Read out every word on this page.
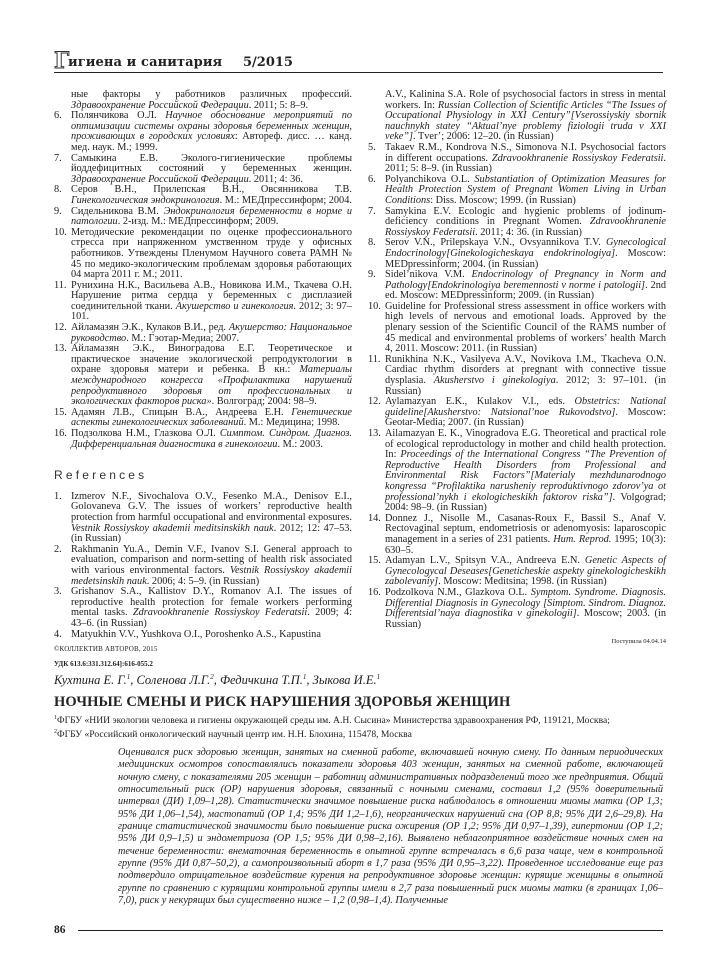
Г
игиена и санитария 5/2015

ные факторы у работников различных профессий. Здравоохранение Российской Федерации. 2011; 5: 8–9.

6. Полянчикова О.Л. Научное обоснование мероприятий по оптимизации системы охраны здоровья беременных женщин, проживающих в городских условиях: Автореф. дисс. … канд. мед. наук. М.; 1999.

7. Самыкина Е.В. Эколого-гигиенические проблемы йоддефицитных состояний у беременных женщин. Здравоохранение Российской Федерации. 2011; 4: 36.

8. Серов В.Н., Прилепская В.Н., Овсянникова Т.В. Гинекологическая эндокринология. М.: МЕДпрессинформ; 2004.

9. Сидельникова В.М. Эндокринология беременности в норме и патологии. 2-изд. М.: МЕДпрессинформ; 2009.

10. Методические рекомендации по оценке профессионального стресса при напряженном умственном труде у офисных работников. Утвеждены Пленумом Научного совета РАМН № 45 по медико-экологическим проблемам здоровья работающих 04 марта 2011 г. М.; 2011.

11. Рунихина Н.К., Васильева А.В., Новикова И.М., Ткачева О.Н. Нарушение ритма сердца у беременных с дисплазией соединительной ткани. Акушерство и гинекология. 2012; 3: 97–101.

12. Айламазян Э.К., Кулаков В.И., ред. Акушерство: Национальное руководство. М.: Гэотар-Медиа; 2007.

13. Айламазян Э.К., Виноградова Е.Г. Теоретическое и практическое значение экологической репродуктологии в охране здоровья матери и ребенка. В кн.: Материалы международного конгресса «Профилактика нарушений репродуктивного здоровья от профессиональных и экологических факторов риска». Волгоград; 2004: 98–9.

15. Адамян Л.В., Спицын В.А., Андреева Е.Н. Генетические аспекты гинекологических заболеваний. М.: Медицина; 1998.

16. Подзолкова Н.М., Глазкова О.Л. Симптом. Синдром. Диагноз. Дифференциальная диагностика в гинекологии. М.: 2003.

References

1. Izmerov N.F., Sivochalova O.V., Fesenko M.A., Denisov E.I., Golovaneva G.V. The issues of workers’ reproductive health protection from harmful occupational and environmental exposures. Vestnik Rossiyskoy akademii meditsinskikh nauk. 2012; 12: 47–53. (in Russian)

2. Rakhmanin Yu.A., Demin V.F., Ivanov S.I. General approach to evaluation, comparison and norm-setting of health risk associated with various environmental factors. Vestnik Rossiyskoy akademii medetsinskih nauk. 2006; 4: 5–9. (in Russian)

3. Grishanov S.A., Kallistov D.Y., Romanov A.I. The issues of reproductive health protection for female workers performing mental tasks. Zdravookhranenie Rossiyskoy Federatsii. 2009; 4: 43–6. (in Russian)

4. Matyukhin V.V., Yushkova O.I., Poroshenko A.S., Kapustina

A.V., Kalinina S.A. Role of psychosocial factors in stress in mental workers. In: Russian Collection of Scientific Articles “The Issues of Occupational Physiology in XXI Century”[Vserossiyskiy sbornik nauchnykh statey “Aktual’nye problemy fiziologii truda v XXI veke”]. Tver’; 2006: 12–20. (in Russian)

5. Takaev R.M., Kondrova N.S., Simonova N.I. Psychosocial factors in different occupations. Zdravookhranenie Rossiyskoy Federatsii. 2011; 5: 8–9. (in Russian)

6. Polyanchikova O.L. Substantiation of Optimization Measures for Health Protection System of Pregnant Women Living in Urban Conditions: Diss. Moscow; 1999. (in Russian)

7. Samykina E.V. Ecologic and hygienic problems of jodinum-deficiency conditions in Pregnant Women. Zdravookhranenie Rossiyskoy Federatsii. 2011; 4: 36. (in Russian)

8. Serov V.N., Prilepskaya V.N., Ovsyannikova T.V. Gynecological Endocrinology[Ginekologicheskaya endokrinologiya]. Moscow: MEDpressinform; 2004. (in Russian)

9. Sidel’nikova V.M. Endocrinology of Pregnancy in Norm and Pathology[Endokrinologiya beremennosti v norme i patologii]. 2nd ed. Moscow: MEDpressinform; 2009. (in Russian)

10. Guideline for Professional stress assessment in office workers with high levels of nervous and emotional loads. Approved by the plenary session of the Scientific Council of the RAMS number of 45 medical and environmental problems of workers’ health March 4, 2011. Moscow: 2011. (in Russian)

11. Runikhina N.K., Vasilyeva A.V., Novikova I.M., Tkacheva O.N. Cardiac rhythm disorders at pregnant with connective tissue dysplasia. Akusherstvo i ginekologiya. 2012; 3: 97–101. (in Russian)

12. Aylamazyan E.K., Kulakov V.I., eds. Obstetrics: National guideline[Akusherstvo: Natsional’noe Rukovodstvo]. Moscow: Geotar-Media; 2007. (in Russian)

13. Ailamazyan E. K., Vinogradova E.G. Theoretical and practical role of ecological reproductology in mother and child health protection. In: Proceedings of the International Congress “The Prevention of Reproductive Health Disorders from Professional and Environmental Risk Factors”[Materialy mezhdunarodnogo kongressa “Profilaktika narusheniy reproduktivnogo zdorov’ya ot professional’nykh i ekologicheskikh faktorov riska”]. Volgograd; 2004: 98–9. (in Russian)

14. Donnez J., Nisolle M., Casanas-Roux F., Bassil S., Anaf V. Rectovaginal septum, endometriosis or adenomyosis: laparoscopic management in a series of 231 patients. Hum. Reprod. 1995; 10(3): 630–5.

15. Adamyan L.V., Spitsyn V.A., Andreeva E.N. Genetic Aspects of Gynecologycal Deseases[Geneticheskie aspekty ginekologicheskikh zabolevaniy]. Moscow: Meditsina; 1998. (in Russian)

16. Podzolkova N.M., Glazkova O.L. Symptom. Syndrome. Diagnosis. Differential Diagnosis in Gynecology [Simptom. Sindrom. Diagnoz. Differentsial’naya diagnostika v ginekologii]. Moscow; 2003. (in Russian)

Поступила 04.04.14
©КОЛЛЕКТИВ АВТОРОВ, 2015
УДК 613.6:331.312.64]:616-055.2
Кухтина Е. Г.$^1$, Соленова Л.Г.$^2$, Федичкина Т.П.$^1$, Зыкова И.Е.$^1$
НОЧНЫЕ СМЕНЫ И РИСК НАРУШЕНИЯ ЗДОРОВЬЯ ЖЕНЩИН
$^1$ФГБУ «НИИ экологии человека и гигиены окружающей среды им. А.Н. Сысина» Министерства здравоохранения РФ, 119121, Москва;
$^2$ФГБУ «Российский онкологический научный центр им. Н.Н. Блохина, 115478, Москва
Оценивался риск здоровью женщин, занятых на сменной работе, включавшей ночную смену. По данным периодических медицинских осмотров сопоставлялись показатели здоровья 403 женщин, занятых на сменной работе, включающей ночную смену, с показателями 205 женщин – работниц административных подразделений того же предприятия. Общий относительный риск (ОР) нарушения здоровья, связанный с ночными сменами, составил 1,2 (95% доверительный интервал (ДИ) 1,09–1,28). Статистически значимое повышение риска наблюдалось в отношении миомы матки (ОР 1,3; 95% ДИ 1,06–1,54), мастопатий (ОР 1,4; 95% ДИ 1,2–1,6), неорганических нарушений сна (ОР 8,8; 95% ДИ 2,6–29,8). На границе статистической значимости было повышение риска ожирения (ОР 1,2; 95% ДИ 0,97–1,39), гипертонии (ОР 1,2; 95% ДИ 0,9–1,5) и эндометриоза (ОР 1,5; 95% ДИ 0,98–2,16). Выявлено неблагоприятное воздействие ночных смен на течение беременности: внематочная беременность в опытной группе встречалась в 6,6 раза чаще, чем в контрольной группе (95% ДИ 0,87–50,2), а самопроизвольный аборт в 1,7 раза (95% ДИ 0,95–3,22). Проведенное исследование еще раз подтвердило отрицательное воздействие курения на репродуктивное здоровье женщин: курящие женщины в опытной группе по сравнению с курящими контрольной группы имели в 2,7 раза повышенный риск миомы матки (в границах 1,06–7,0), риск у некурящих был существенно ниже – 1,2 (0,98–1,4). Полученные
86
